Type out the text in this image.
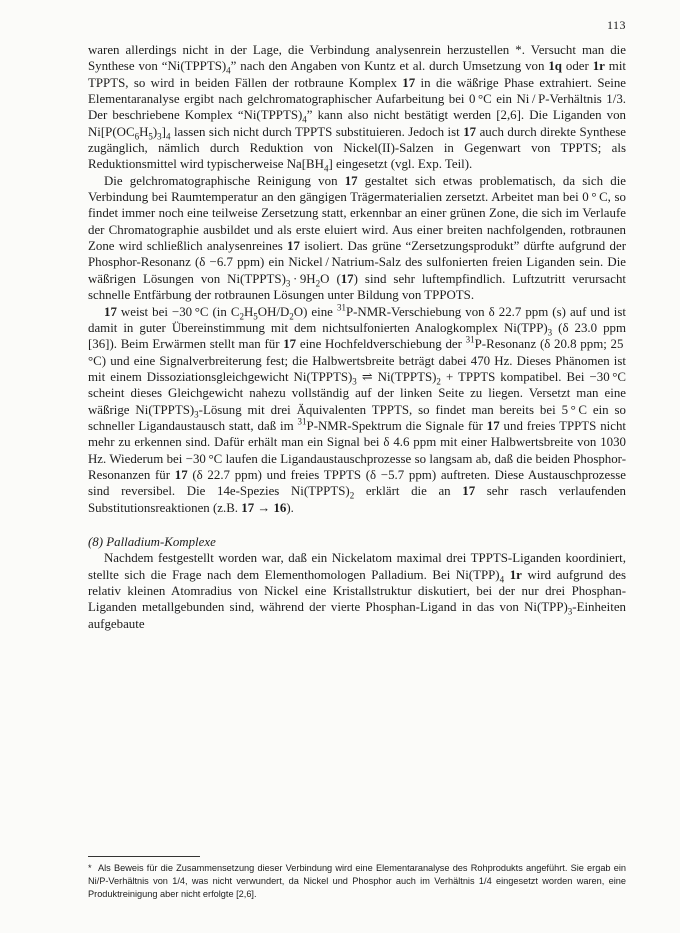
113

waren allerdings nicht in der Lage, die Verbindung analysenrein herzustellen *. Versucht man die Synthese von “$Ni(TPPTS)_4$” nach den Angaben von Kuntz et al. durch Umsetzung von 1q oder 1r mit TPPTS, so wird in beiden Fällen der rotbraune Komplex 17 in die wäßrige Phase extrahiert. Seine Elementaranalyse ergibt nach gelchromatographischer Aufarbeitung bei 0 °C ein Ni / P-Verhältnis 1/3. Der beschriebene Komplex “$Ni(TPPTS)_4$” kann also nicht bestätigt werden [2,6]. Die Liganden von $Ni[P(OC_6H_5)_3]_4$ lassen sich nicht durch TPPTS substituieren. Jedoch ist 17 auch durch direkte Synthese zugänglich, nämlich durch Reduktion von Nickel(II)-Salzen in Gegenwart von TPPTS; als Reduktionsmittel wird typischerweise $Na[BH_4]$ eingesetzt (vgl. Exp. Teil).

Die gelchromatographische Reinigung von 17 gestaltet sich etwas problematisch, da sich die Verbindung bei Raumtemperatur an den gängigen Trägermaterialien zersetzt. Arbeitet man bei 0 ° C, so findet immer noch eine teilweise Zersetzung statt, erkennbar an einer grünen Zone, die sich im Verlaufe der Chromatographie ausbildet und als erste eluiert wird. Aus einer breiten nachfolgenden, rotbraunen Zone wird schließlich analysenreines 17 isoliert. Das grüne “Zersetzungsprodukt” dürfte aufgrund der Phosphor-Resonanz (δ −6.7 ppm) ein Nickel / Natrium-Salz des sulfonierten freien Liganden sein. Die wäßrigen Lösungen von $Ni(TPPTS)_3 \cdot 9H_2O$ (17) sind sehr luftempfindlich. Luftzutritt verursacht schnelle Entfärbung der rotbraunen Lösungen unter Bildung von TPPOTS.

17 weist bei −30 °C (in $C_2H_5OH/D_2O$) eine $^{31}$P-NMR-Verschiebung von δ 22.7 ppm (s) auf und ist damit in guter Übereinstimmung mit dem nichtsulfonierten Analogkomplex $Ni(TPP)_3$ (δ 23.0 ppm [36]). Beim Erwärmen stellt man für 17 eine Hochfeldverschiebung der $^{31}$P-Resonanz (δ 20.8 ppm; 25 °C) und eine Signalverbreiterung fest; die Halbwertsbreite beträgt dabei 470 Hz. Dieses Phänomen ist mit einem Dissoziationsgleichgewicht $Ni(TPPTS)_3$ ⇌ $Ni(TPPTS)_2$ + TPPTS kompatibel. Bei −30 °C scheint dieses Gleichgewicht nahezu vollständig auf der linken Seite zu liegen. Versetzt man eine wäßrige $Ni(TPPTS)_3$-Lösung mit drei Äquivalenten TPPTS, so findet man bereits bei 5 ° C ein so schneller Ligandaustausch statt, daß im $^{31}$P-NMR-Spektrum die Signale für 17 und freies TPPTS nicht mehr zu erkennen sind. Dafür erhält man ein Signal bei δ 4.6 ppm mit einer Halbwertsbreite von 1030 Hz. Wiederum bei −30 °C laufen die Ligandaustauschprozesse so langsam ab, daß die beiden Phosphor-Resonanzen für 17 (δ 22.7 ppm) und freies TPPTS (δ −5.7 ppm) auftreten. Diese Austauschprozesse sind reversibel. Die 14e-Spezies $Ni(TPPTS)_2$ erklärt die an 17 sehr rasch verlaufenden Substitutionsreaktionen (z.B. 17 → 16).

(8) Palladium-Komplexe

Nachdem festgestellt worden war, daß ein Nickelatom maximal drei TPPTS-Liganden koordiniert, stellte sich die Frage nach dem Elementhomologen Palladium. Bei $Ni(TPP)_4$ 1r wird aufgrund des relativ kleinen Atomradius von Nickel eine Kristallstruktur diskutiert, bei der nur drei Phosphan-Liganden metallgebunden sind, während der vierte Phosphan-Ligand in das von $Ni(TPP)_3$-Einheiten aufgebaute

* Als Beweis für die Zusammensetzung dieser Verbindung wird eine Elementaranalyse des Rohprodukts angeführt. Sie ergab ein Ni/P-Verhältnis von 1/4, was nicht verwundert, da Nickel und Phosphor auch im Verhältnis 1/4 eingesetzt worden waren, eine Produktreinigung aber nicht erfolgte [2,6].
